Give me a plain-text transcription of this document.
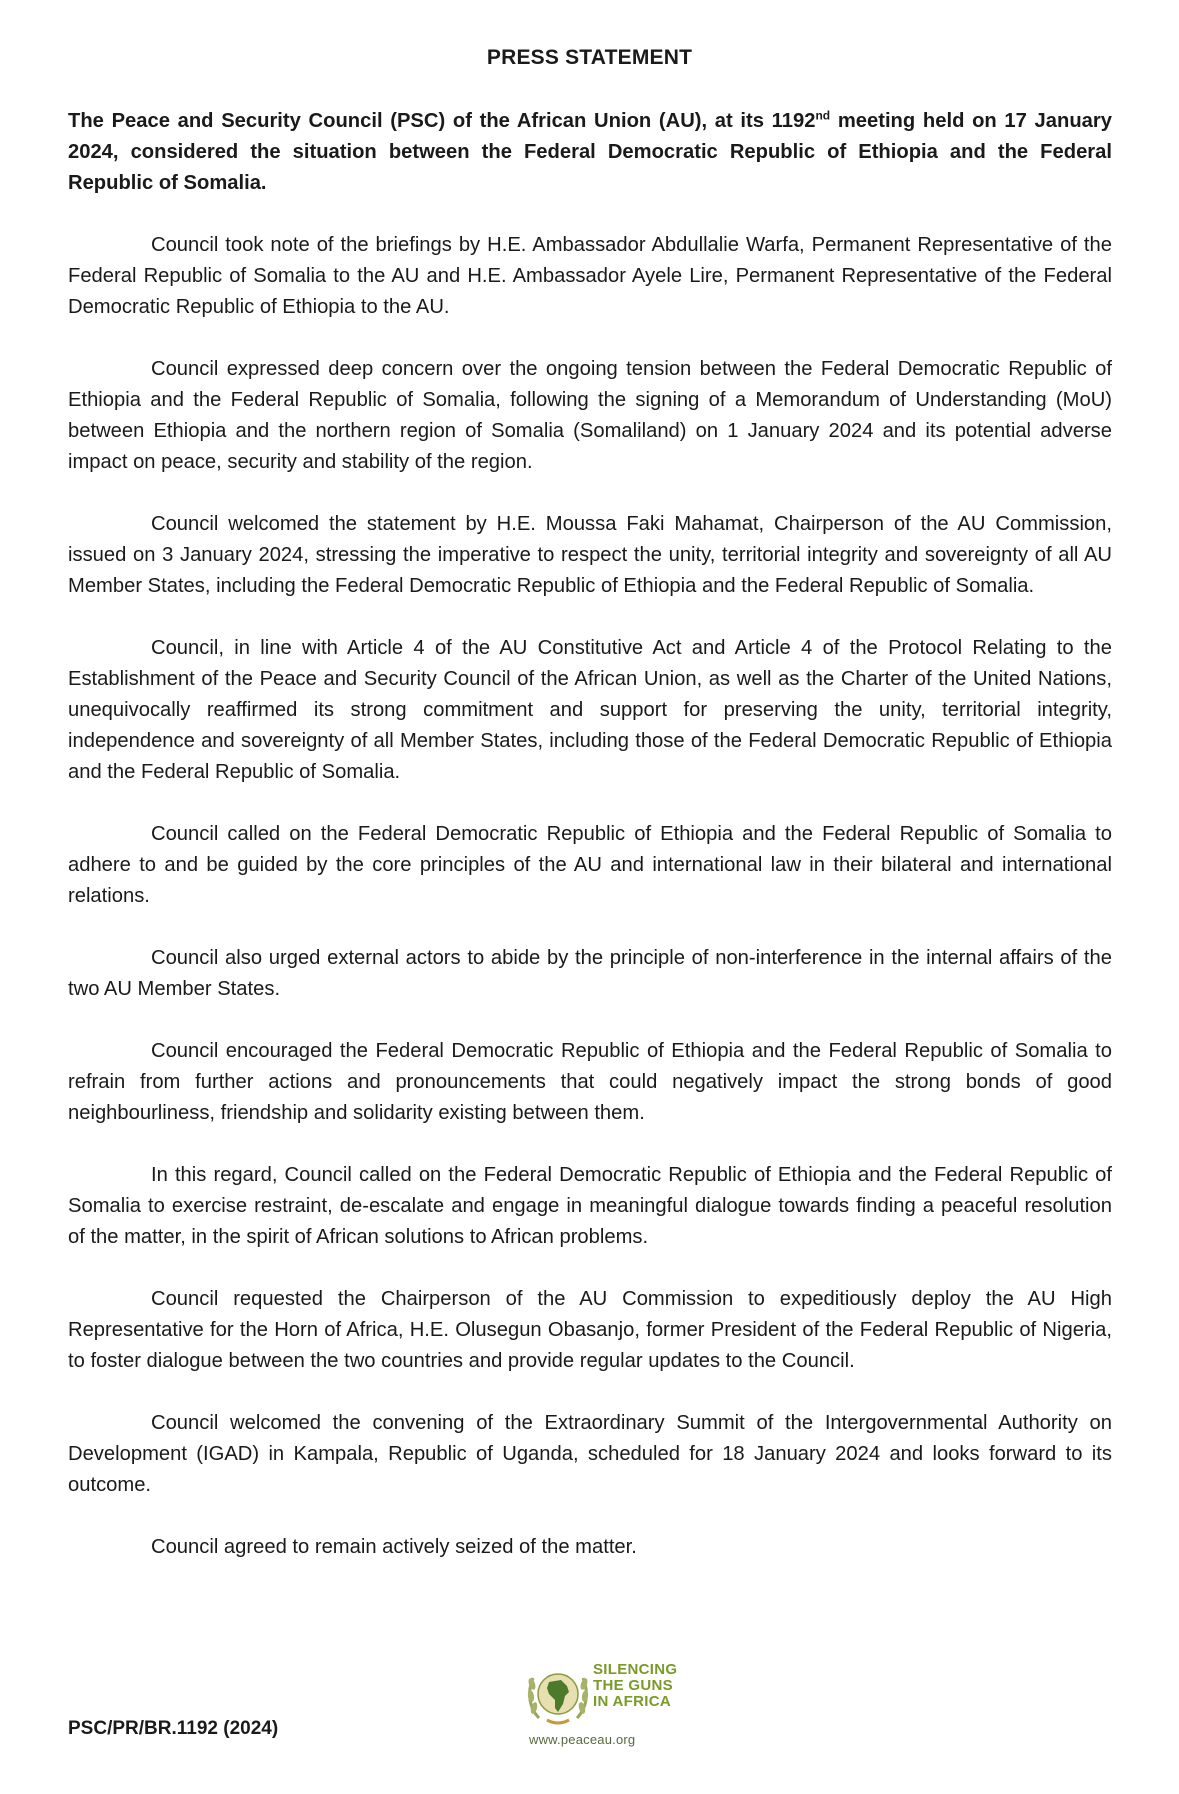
PRESS STATEMENT

The Peace and Security Council (PSC) of the African Union (AU), at its 1192nd meeting held on 17 January 2024, considered the situation between the Federal Democratic Republic of Ethiopia and the Federal Republic of Somalia.

Council took note of the briefings by H.E. Ambassador Abdullalie Warfa, Permanent Representative of the Federal Republic of Somalia to the AU and H.E. Ambassador Ayele Lire, Permanent Representative of the Federal Democratic Republic of Ethiopia to the AU.

Council expressed deep concern over the ongoing tension between the Federal Democratic Republic of Ethiopia and the Federal Republic of Somalia, following the signing of a Memorandum of Understanding (MoU) between Ethiopia and the northern region of Somalia (Somaliland) on 1 January 2024 and its potential adverse impact on peace, security and stability of the region.

Council welcomed the statement by H.E. Moussa Faki Mahamat, Chairperson of the AU Commission, issued on 3 January 2024, stressing the imperative to respect the unity, territorial integrity and sovereignty of all AU Member States, including the Federal Democratic Republic of Ethiopia and the Federal Republic of Somalia.

Council, in line with Article 4 of the AU Constitutive Act and Article 4 of the Protocol Relating to the Establishment of the Peace and Security Council of the African Union, as well as the Charter of the United Nations, unequivocally reaffirmed its strong commitment and support for preserving the unity, territorial integrity, independence and sovereignty of all Member States, including those of the Federal Democratic Republic of Ethiopia and the Federal Republic of Somalia.

Council called on the Federal Democratic Republic of Ethiopia and the Federal Republic of Somalia to adhere to and be guided by the core principles of the AU and international law in their bilateral and international relations.

Council also urged external actors to abide by the principle of non-interference in the internal affairs of the two AU Member States.

Council encouraged the Federal Democratic Republic of Ethiopia and the Federal Republic of Somalia to refrain from further actions and pronouncements that could negatively impact the strong bonds of good neighbourliness, friendship and solidarity existing between them.

In this regard, Council called on the Federal Democratic Republic of Ethiopia and the Federal Republic of Somalia to exercise restraint, de-escalate and engage in meaningful dialogue towards finding a peaceful resolution of the matter, in the spirit of African solutions to African problems.

Council requested the Chairperson of the AU Commission to expeditiously deploy the AU High Representative for the Horn of Africa, H.E. Olusegun Obasanjo, former President of the Federal Republic of Nigeria, to foster dialogue between the two countries and provide regular updates to the Council.

Council welcomed the convening of the Extraordinary Summit of the Intergovernmental Authority on Development (IGAD) in Kampala, Republic of Uganda, scheduled for 18 January 2024 and looks forward to its outcome.

Council agreed to remain actively seized of the matter.

PSC/PR/BR.1192 (2024)
SILENCING
THE GUNS
IN AFRICA
www.peaceau.org
